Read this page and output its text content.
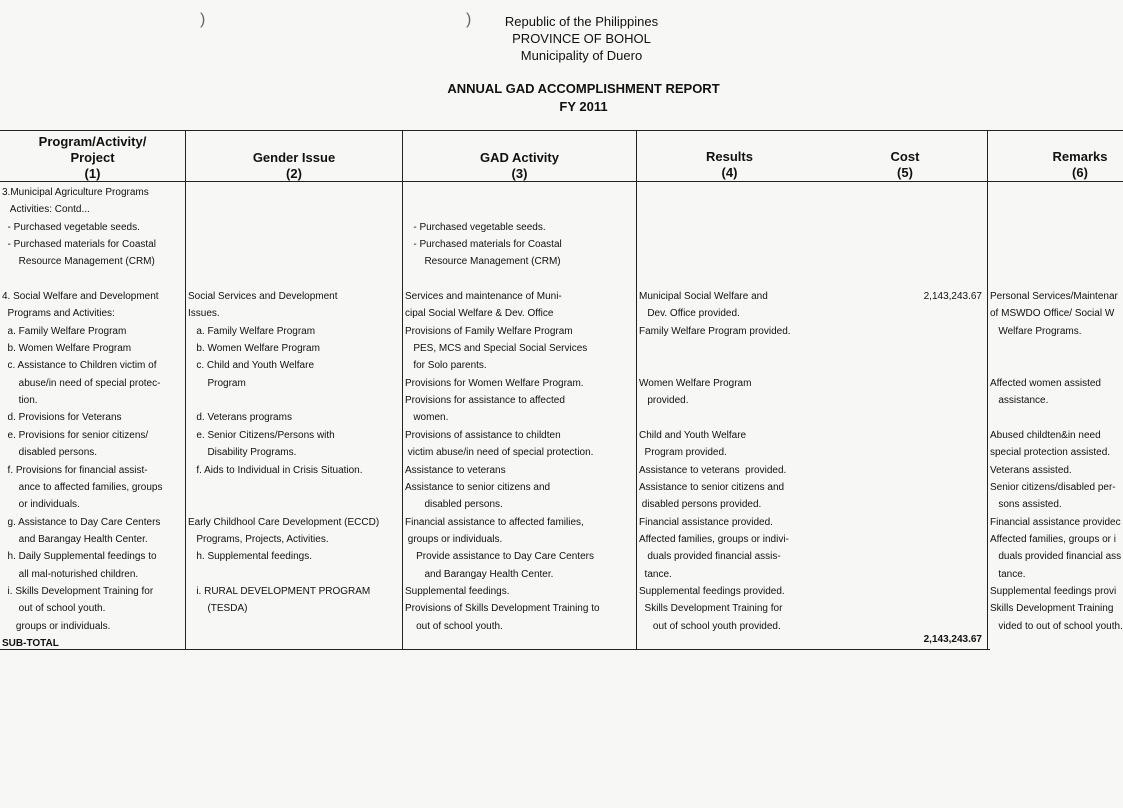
)	)	Republic of the Philippines
PROVINCE OF BOHOL
Municipality of Duero
ANNUAL GAD ACCOMPLISHMENT REPORT
FY 2011
Program/Activity/
Project
(1)
Gender Issue
(2)
GAD Activity
(3)
Results
(4)
Cost
(5)
Remarks
(6)
3.Municipal Agriculture Programs
Activities: Contd...
- Purchased vegetable seeds.
- Purchased materials for Coastal
Resource Management (CRM)
4. Social Welfare and Development
Programs and Activities:
a. Family Welfare Program
b. Women Welfare Program
c. Assistance to Children victim of
abuse/in need of special protec-
tion.
d. Provisions for Veterans
e. Provisions for senior citizens/
disabled persons.
f. Provisions for financial assist-
ance to affected families, groups
or individuals.
g. Assistance to Day Care Centers
and Barangay Health Center.
h. Daily Supplemental feedings to
all mal-noturished children.
i. Skills Development Training for
out of school youth.
groups or individuals.
Social Services and Development
Issues.
a. Family Welfare Program
b. Women Welfare Program
c. Child and Youth Welfare
Program
d. Veterans programs
e. Senior Citizens/Persons with
Disability Programs.
f. Aids to Individual in Crisis Situation.
Early Childhool Care Development (ECCD)
Programs, Projects, Activities.
h. Supplemental feedings.
i. RURAL DEVELOPMENT PROGRAM
(TESDA)
- Purchased vegetable seeds.
- Purchased materials for Coastal
Resource Management (CRM)
Services and maintenance of Muni-
cipal Social Welfare & Dev. Office
Provisions of Family Welfare Program
PES, MCS and Special Social Services
for Solo parents.
Provisions for Women Welfare Program.
Provisions for assistance to affected
women.
Provisions of assistance to childten
victim abuse/in need of special protection.
Assistance to veterans
Assistance to senior citizens and
disabled persons.
Financial assistance to affected families,
groups or individuals.
Provide assistance to Day Care Centers
and Barangay Health Center.
Supplemental feedings.
Provisions of Skills Development Training to
out of school youth.
Municipal Social Welfare and
Dev. Office provided.
Family Welfare Program provided.
Women Welfare Program
provided.
Child and Youth Welfare
Program provided.
Assistance to veterans  provided.
Assistance to senior citizens and
disabled persons provided.
Financial assistance provided.
Affected families, groups or indivi-
duals provided financial assis-
tance.
Supplemental feedings provided.
Skills Development Training for
out of school youth provided.
Personal Services/Maintenar
of MSWDO Office/ Social W
Welfare Programs.
Affected women assisted
assistance.
Abused childten&in need
special protection assisted.
Veterans assisted.
Senior citizens/disabled per-
sons assisted.
Financial assistance providec
Affected families, groups or i
duals provided financial ass
tance.
Supplemental feedings provi
Skills Development Training
vided to out of school youth.
2,143,243.67
2,143,243.67
SUB-TOTAL
